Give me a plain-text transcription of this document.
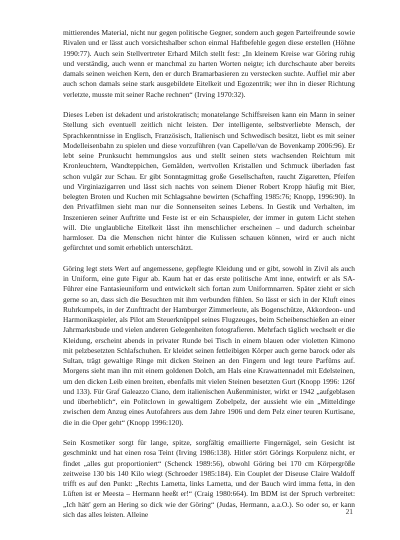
mittierendes Material, nicht nur gegen politische Gegner, sondern auch gegen Parteifreunde sowie Rivalen und er lässt auch vorsichtshalber schon einmal Haftbefehle gegen diese erstellen (Höhne 1990:77). Auch sein Stellvertreter Erhard Milch stellt fest: „In kleinem Kreise war Göring ruhig und verständig, auch wenn er manchmal zu harten Worten neigte; ich durchschaute aber bereits damals seinen weichen Kern, den er durch Bramarbasieren zu verstecken suchte. Auffiel mir aber auch schon damals seine stark ausgebildete Eitelkeit und Egozentrik; wer ihn in dieser Richtung verletzte, musste mit seiner Rache rechnen“ (Irving 1970:32).

Dieses Leben ist dekadent und aristokratisch; monatelange Schiffsreisen kann ein Mann in seiner Stellung sich eventuell zeitlich nicht leisten. Der intelligente, selbstverliebte Mensch, der Sprachkenntnisse in Englisch, Französisch, Italienisch und Schwedisch besitzt, liebt es mit seiner Modelleisenbahn zu spielen und diese vorzuführen (van Capelle/van de Bovenkamp 2006:96). Er lebt seine Prunksucht hemmungslos aus und stellt seinen stets wachsenden Reichtum mit Kronleuchtern, Wandteppichen, Gemälden, wertvollen Kristallen und Schmuck überladen fast schon vulgär zur Schau. Er gibt Sonntagmittag große Gesellschaften, raucht Zigaretten, Pfeifen und Virginiazigarren und lässt sich nachts von seinem Diener Robert Kropp häufig mit Bier, belegten Broten und Kuchen mit Schlagsahne bewirten (Schaffing 1985:76; Knopp, 1996:90). In den Privatfilmen sieht man nur die Sonnenseiten seines Lebens. In Gestik und Verhalten, im Inszenieren seiner Auftritte und Feste ist er ein Schauspieler, der immer in gutem Licht stehen will. Die unglaubliche Eitelkeit lässt ihn menschlicher erscheinen – und dadurch scheinbar harmloser. Da die Menschen nicht hinter die Kulissen schauen können, wird er auch nicht gefürchtet und somit erheblich unterschätzt.

Göring legt stets Wert auf angemessene, gepflegte Kleidung und er gibt, sowohl in Zivil als auch in Uniform, eine gute Figur ab. Kaum hat er das erste politische Amt inne, entwirft er als SA-Führer eine Fantasieuniform und entwickelt sich fortan zum Uniformnarren. Später zieht er sich gerne so an, dass sich die Besuchten mit ihm verbunden fühlen. So lässt er sich in der Kluft eines Ruhrkumpels, in der Zunfttracht der Hamburger Zimmerleute, als Bogenschütze, Akkordeon- und Harmonikaspieler, als Pilot am Steuerknüppel seines Flugzeuges, beim Scheibenschießen an einer Jahrmarktsbude und vielen anderen Gelegenheiten fotografieren. Mehrfach täglich wechselt er die Kleidung, erscheint abends in privater Runde bei Tisch in einem blauen oder violetten Kimono mit pelzbesetzten Schlafschuhen. Er kleidet seinen fettleibigen Körper auch gerne barock oder als Sultan, trägt gewaltige Ringe mit dicken Steinen an den Fingern und legt teure Parfüms auf. Morgens sieht man ihn mit einem goldenen Dolch, am Hals eine Krawattennadel mit Edelsteinen, um den dicken Leib einen breiten, ebenfalls mit vielen Steinen besetzten Gurt (Knopp 1996: 126f und 133). Für Graf Galeazzo Ciano, dem italienischen Außenminister, wirkt er 1942 „aufgeblasen und überheblich“, ein Politclown in gewaltigem Zobelpelz, der aussieht wie ein „Mitteldinge zwischen dem Anzug eines Autofahrers aus dem Jahre 1906 und dem Pelz einer teuren Kurtisane, die in die Oper geht“ (Knopp 1996:120).

Sein Kosmetiker sorgt für lange, spitze, sorgfältig emaillierte Fingernägel, sein Gesicht ist geschminkt und hat einen rosa Teint (Irving 1986:138). Hitler stört Görings Korpulenz nicht, er findet „alles gut proportioniert“ (Schenck 1989:56), obwohl Göring bei 170 cm Körpergröße zeitweise 130 bis 140 Kilo wiegt (Schroeder 1985:184). Ein Couplet der Diseuse Claire Waldoff trifft es auf den Punkt: „Rechts Lametta, links Lametta, und der Bauch wird imma fetta, in den Lüften ist er Meesta – Hermann heeßt er!“ (Craig 1980:664). Im BDM ist der Spruch verbreitet: „Ich hätt' gern an Hering so dick wie der Göring“ (Judas, Hermann, a.a.O.). So oder so, er kann sich das alles leisten. Alleine	21
